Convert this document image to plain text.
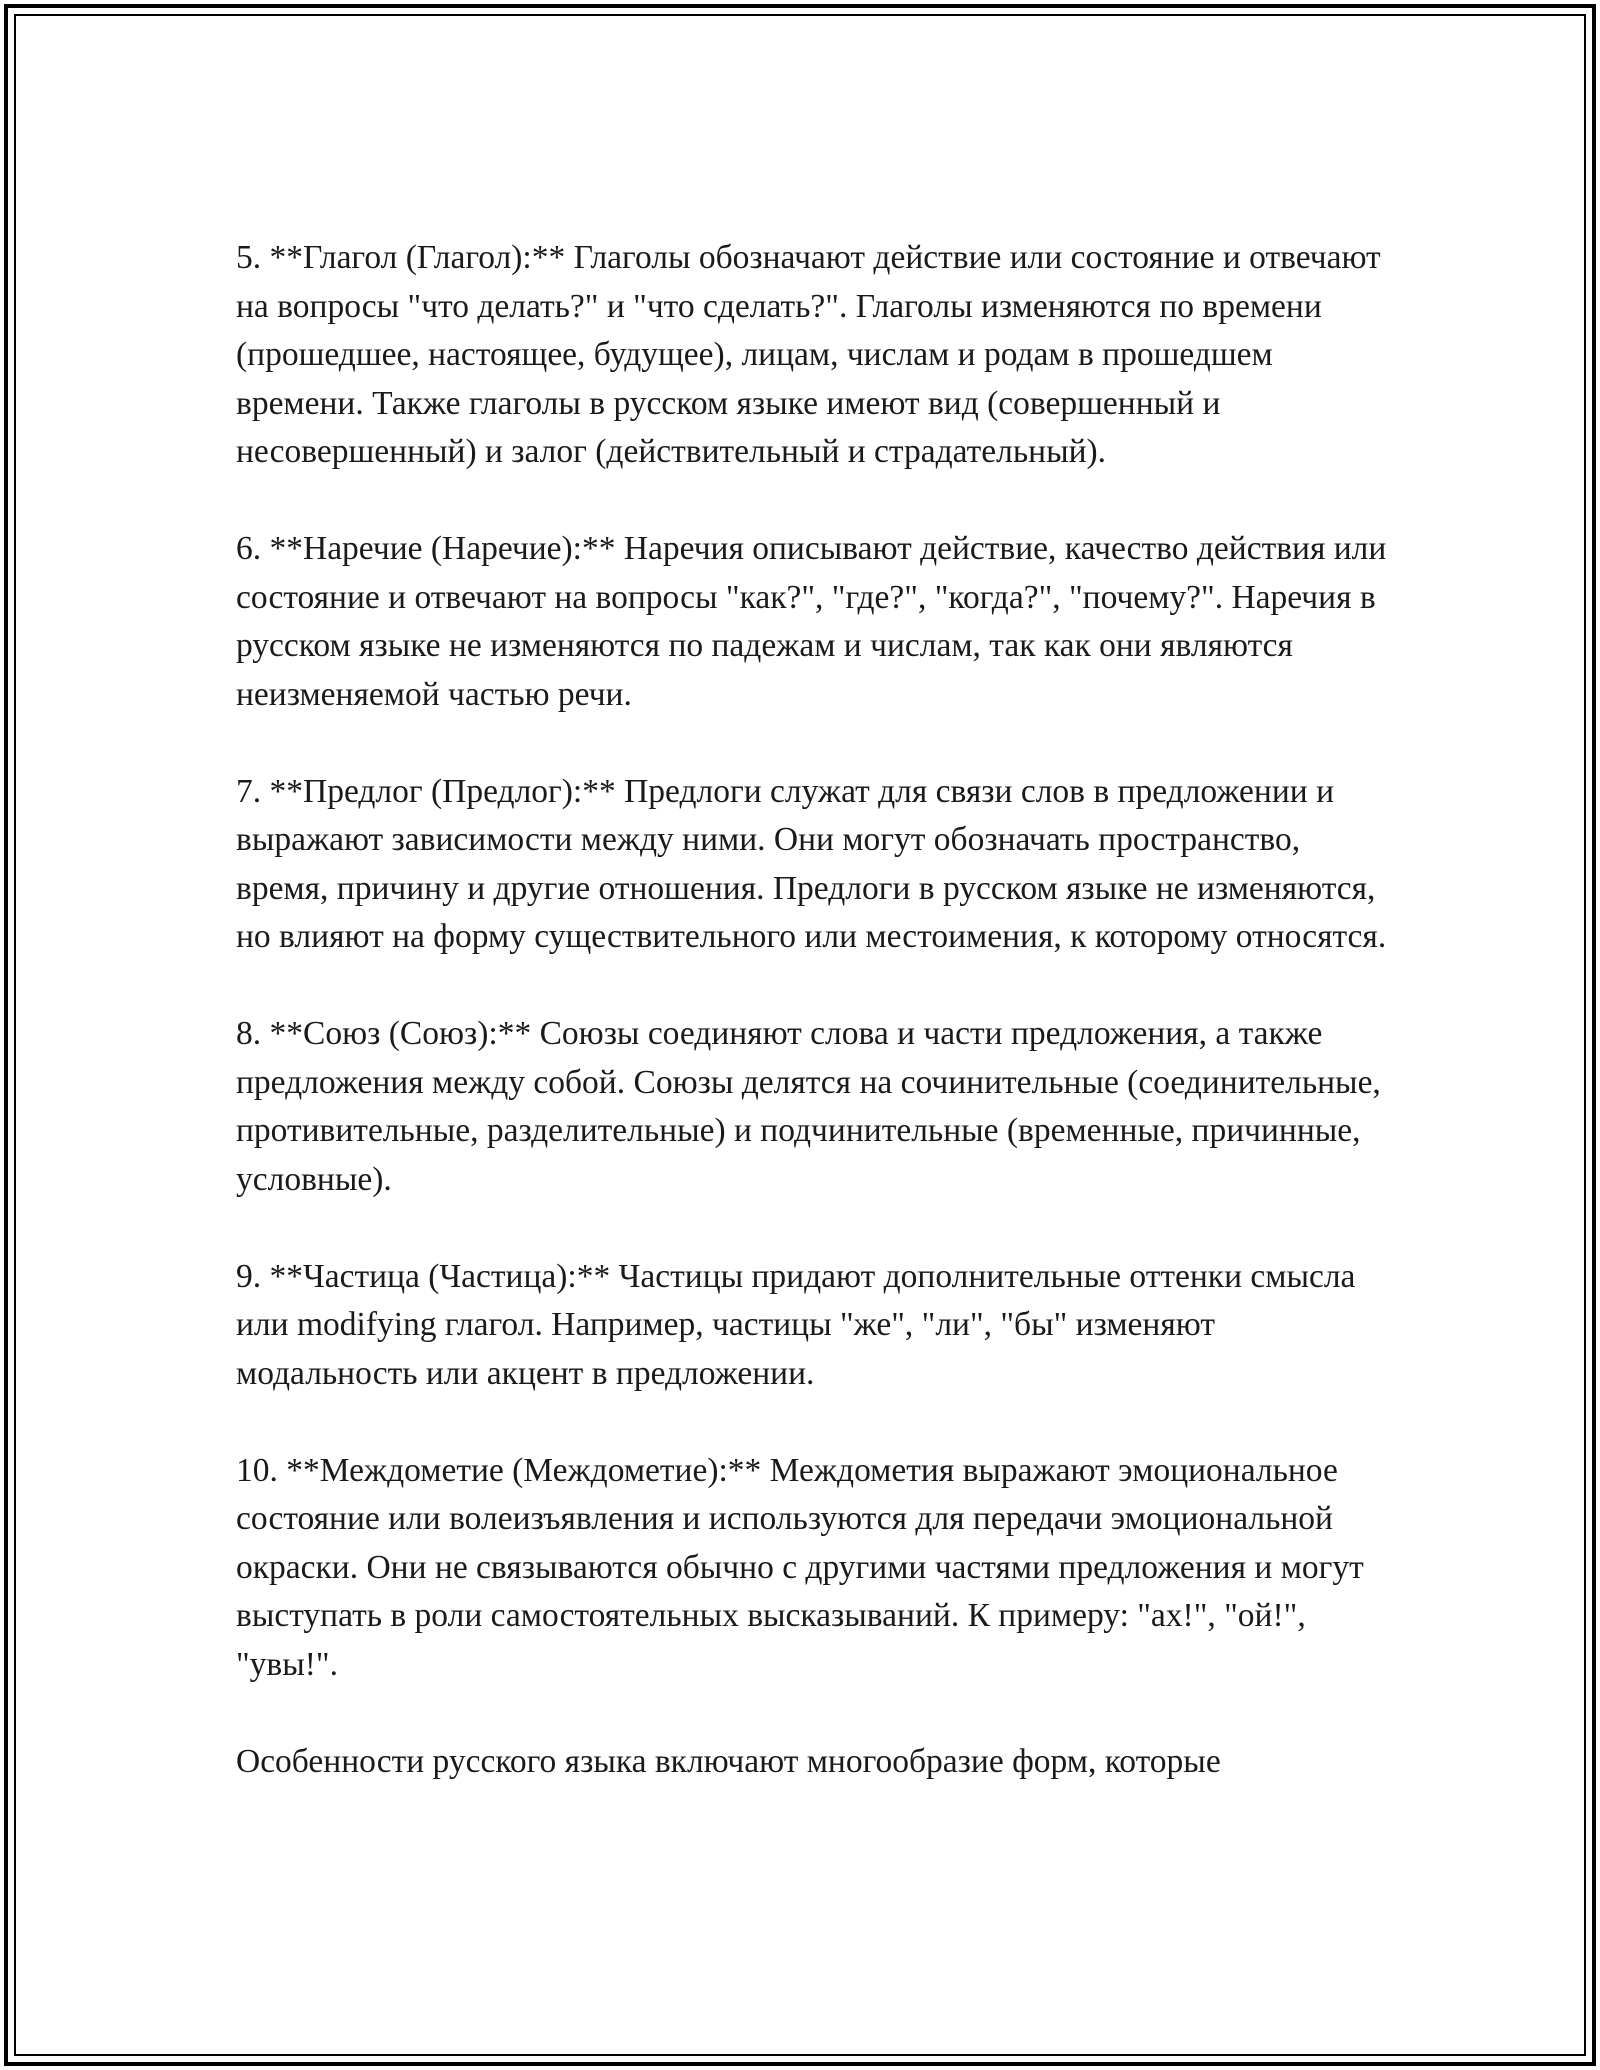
5. **Глагол (Глагол):** Глаголы обозначают действие или состояние и отвечают на вопросы "что делать?" и "что сделать?". Глаголы изменяются по времени (прошедшее, настоящее, будущее), лицам, числам и родам в прошедшем времени. Также глаголы в русском языке имеют вид (совершенный и несовершенный) и залог (действительный и страдательный).

6. **Наречие (Наречие):** Наречия описывают действие, качество действия или состояние и отвечают на вопросы "как?", "где?", "когда?", "почему?". Наречия в русском языке не изменяются по падежам и числам, так как они являются неизменяемой частью речи.

7. **Предлог (Предлог):** Предлоги служат для связи слов в предложении и выражают зависимости между ними. Они могут обозначать пространство, время, причину и другие отношения. Предлоги в русском языке не изменяются, но влияют на форму существительного или местоимения, к которому относятся.

8. **Союз (Союз):** Союзы соединяют слова и части предложения, а также предложения между собой. Союзы делятся на сочинительные (соединительные, противительные, разделительные) и подчинительные (временные, причинные, условные).

9. **Частица (Частица):** Частицы придают дополнительные оттенки смысла или modifying глагол. Например, частицы "же", "ли", "бы" изменяют модальность или акцент в предложении.

10. **Междометие (Междометие):** Междометия выражают эмоциональное состояние или волеизъявления и используются для передачи эмоциональной окраски. Они не связываются обычно с другими частями предложения и могут выступать в роли самостоятельных высказываний. К примеру: "ах!", "ой!", "увы!".

Особенности русского языка включают многообразие форм, которые
